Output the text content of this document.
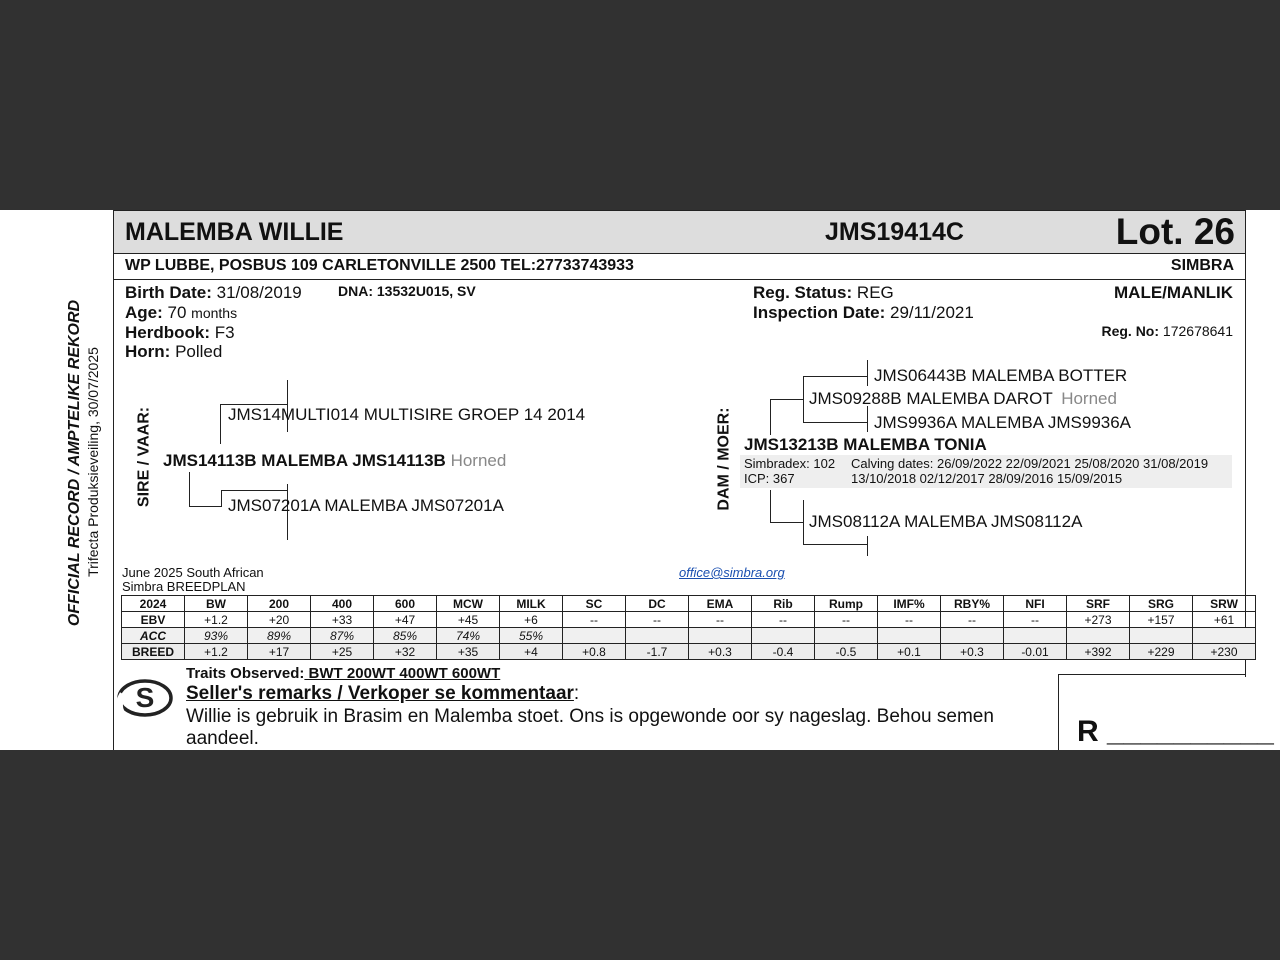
OFFICIAL RECORD / AMPTELIKE REKORD Trifecta Produksieveiling, 30/07/2025
MALEMBA WILLIE	JMS19414C	Lot. 26
WP LUBBE, POSBUS 109 CARLETONVILLE 2500 TEL:27733743933	SIMBRA
Birth Date: 31/08/2019	DNA: 13532U015, SV
Age: 70 months
Herdbook: F3
Horn: Polled
Reg. Status: REG
Inspection Date: 29/11/2021
MALE/MANLIK
Reg. No: 172678641
SIRE / VAAR:	JMS14MULTI014 MULTISIRE GROEP 14 2014
JMS14113B MALEMBA JMS14113B Horned
JMS07201A MALEMBA JMS07201A	DAM / MOER:
JMS06443B MALEMBA BOTTER
JMS09288B MALEMBA DAROT Horned
JMS9936A MALEMBA JMS9936A
JMS13213B MALEMBA TONIA
Simbradex: 102
ICP: 367
Calving dates: 26/09/2022 22/09/2021 25/08/2020 31/08/2019
13/10/2018 02/12/2017 28/09/2016 15/09/2015
JMS08112A MALEMBA JMS08112A
June 2025 South African
Simbra BREEDPLAN
office@simbra.org
2024	BW	200	400	600	MCW	MILK	SC	DC	EMA	Rib	Rump	IMF%	RBY%	NFI	SRF	SRG	SRW
EBV	+1.2	+20	+33	+47	+45	+6	--	--	--	--	--	--	--	--	+273	+157	+61
ACC	93%	89%	87%	85%	74%	55%											
BREED	+1.2	+17	+25	+32	+35	+4	+0.8	-1.7	+0.3	-0.4	-0.5	+0.1	+0.3	-0.01	+392	+229	+230
S
Traits Observed: BWT 200WT 400WT 600WT
Seller's remarks / Verkoper se kommentaar:
Willie is gebruik in Brasim en Malemba stoet. Ons is opgewonde oor sy nageslag. Behou semen
aandeel.	R __________
